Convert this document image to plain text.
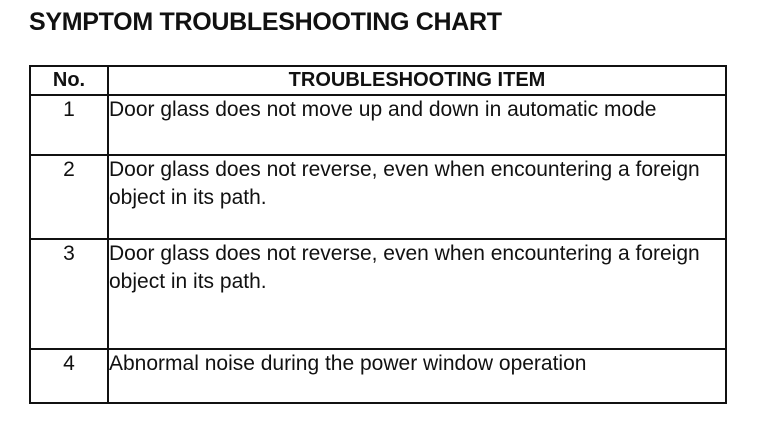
SYMPTOM TROUBLESHOOTING CHART
No.	TROUBLESHOOTING ITEM
1	Door glass does not move up and down in automatic mode
2	Door glass does not reverse, even when encountering a foreign object in its path.
3	Door glass does not reverse, even when encountering a foreign object in its path.
4	Abnormal noise during the power window operation
